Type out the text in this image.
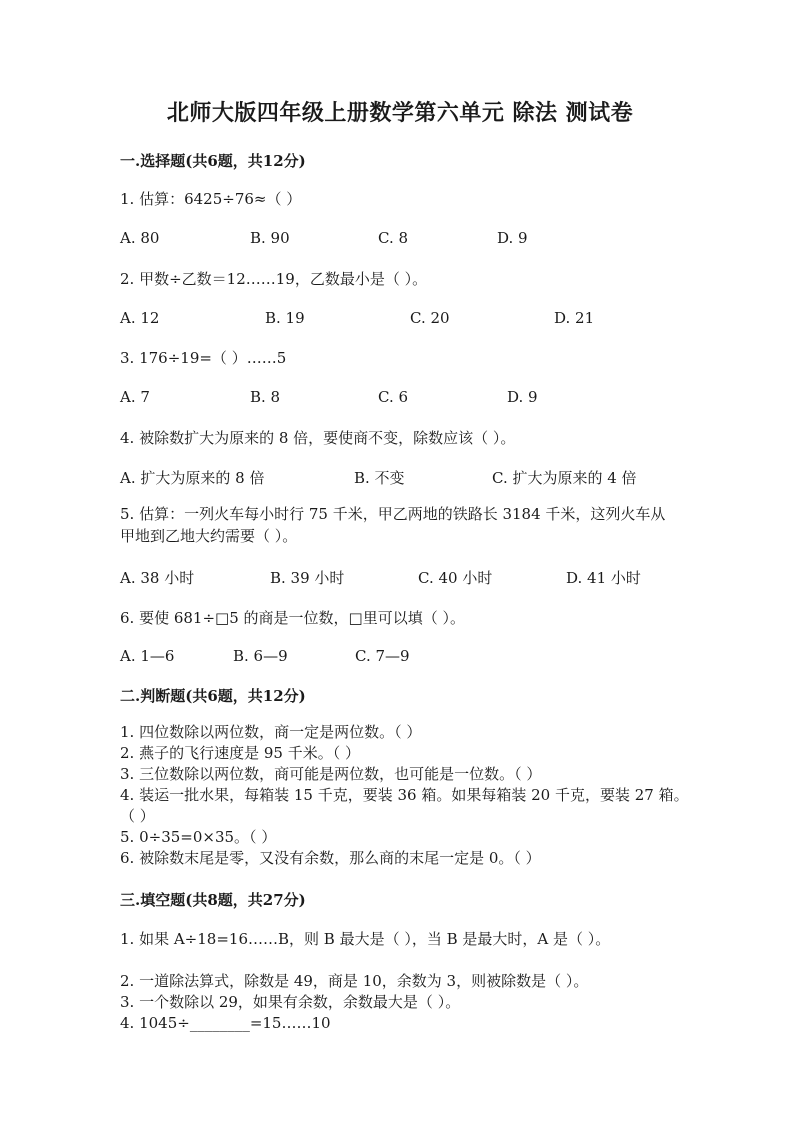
北师大版四年级上册数学第六单元 除法 测试卷
一.选择题(共6题，共12分)
1. 估算：6425÷76≈（ ）
A. 80	B. 90	C. 8	D. 9
2. 甲数÷乙数＝12……19，乙数最小是（ ）。
A. 12	B. 19	C. 20	D. 21
3. 176÷19=（ ）……5
A. 7	B. 8	C. 6	D. 9
4. 被除数扩大为原来的 8 倍，要使商不变，除数应该（ ）。
A. 扩大为原来的 8 倍	B. 不变	C. 扩大为原来的 4 倍
5. 估算：一列火车每小时行 75 千米，甲乙两地的铁路长 3184 千米，这列火车从甲地到乙地大约需要（ ）。
A. 38 小时	B. 39 小时	C. 40 小时	D. 41 小时
6. 要使 681÷□5 的商是一位数，□里可以填（ ）。
A. 1—6	B. 6—9	C. 7—9
二.判断题(共6题，共12分)
1. 四位数除以两位数，商一定是两位数。（ ）
2. 燕子的飞行速度是 95 千米。（ ）
3. 三位数除以两位数，商可能是两位数，也可能是一位数。（ ）
4. 装运一批水果，每箱装 15 千克，要装 36 箱。如果每箱装 20 千克，要装 27 箱。（ ）
5. 0÷35=0×35。（ ）
6. 被除数末尾是零，又没有余数，那么商的末尾一定是 0。（ ）
三.填空题(共8题，共27分)
1. 如果 A÷18=16……B，则 B 最大是（ ），当 B 是最大时，A 是（ ）。
2. 一道除法算式，除数是 49，商是 10，余数为 3，则被除数是（ ）。
3. 一个数除以 29，如果有余数，余数最大是（ ）。
4. 1045÷________=15……10
